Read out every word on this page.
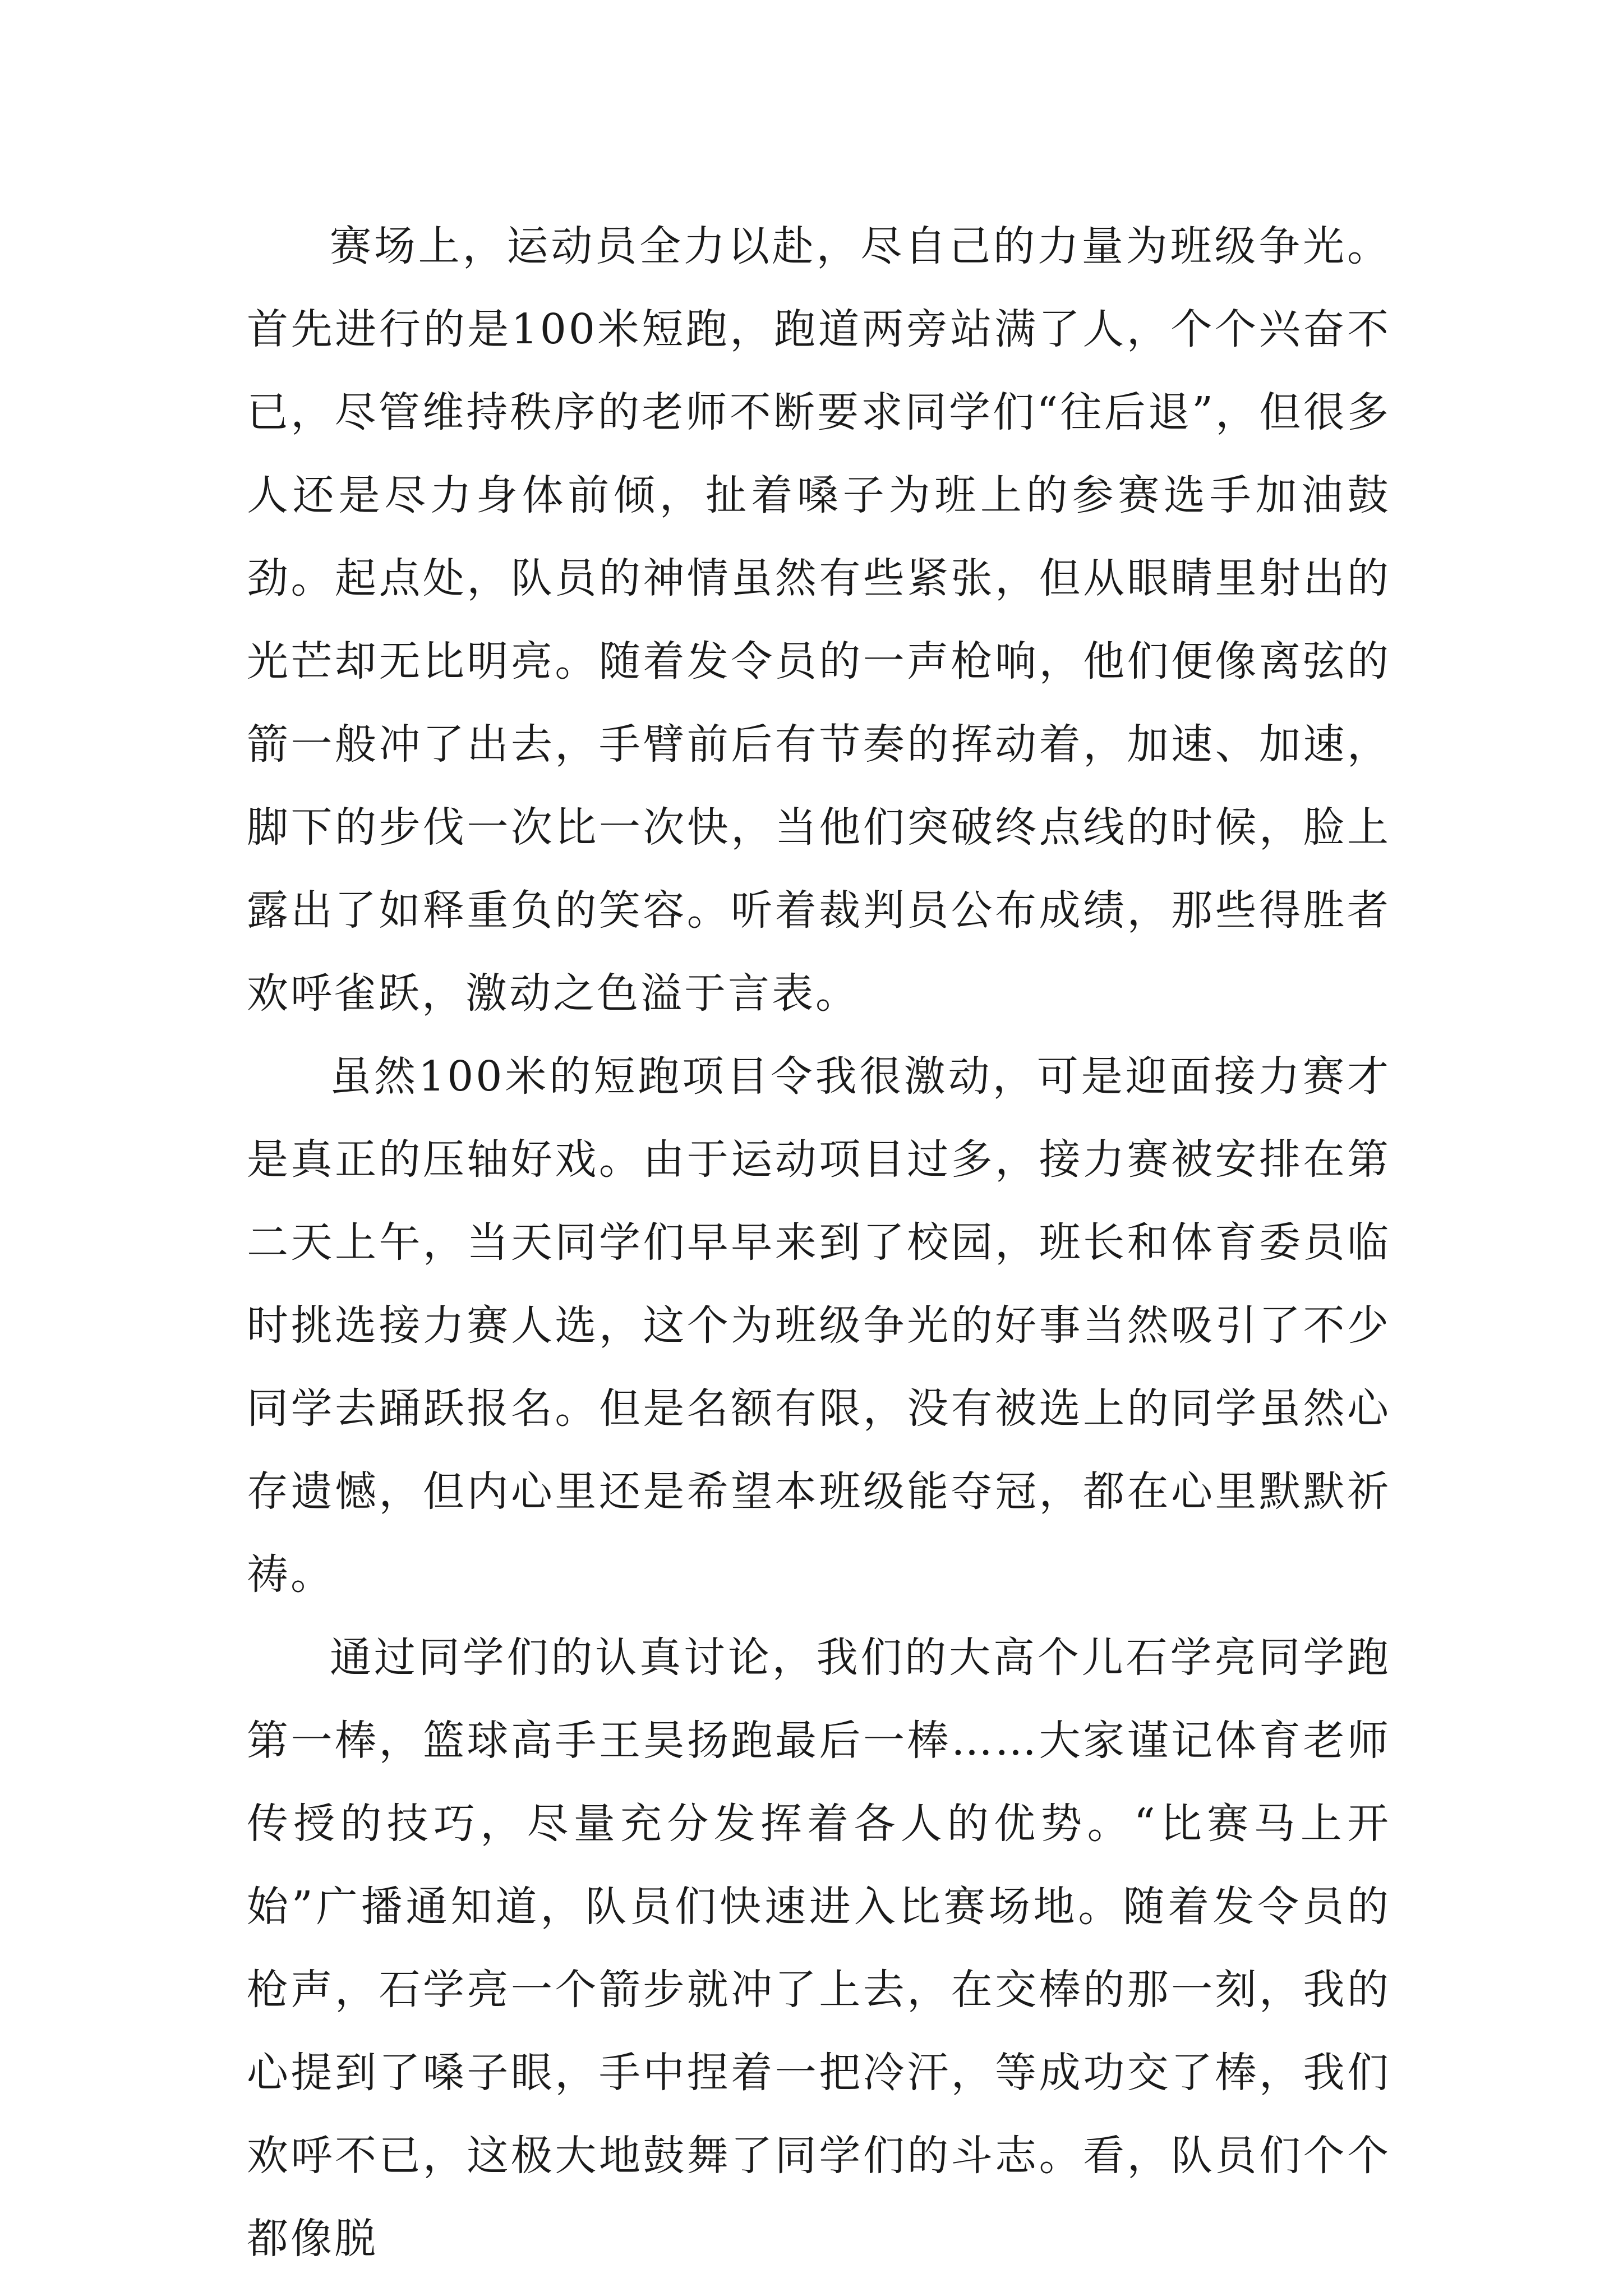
赛场上，运动员全力以赴，尽自己的力量为班级争光。首先进行的是100米短跑，跑道两旁站满了人，个个兴奋不已，尽管维持秩序的老师不断要求同学们“往后退”，但很多人还是尽力身体前倾，扯着嗓子为班上的参赛选手加油鼓劲。起点处，队员的神情虽然有些紧张，但从眼睛里射出的光芒却无比明亮。随着发令员的一声枪响，他们便像离弦的箭一般冲了出去，手臂前后有节奏的挥动着，加速、加速，脚下的步伐一次比一次快，当他们突破终点线的时候，脸上露出了如释重负的笑容。听着裁判员公布成绩，那些得胜者欢呼雀跃，激动之色溢于言表。

虽然100米的短跑项目令我很激动，可是迎面接力赛才是真正的压轴好戏。由于运动项目过多，接力赛被安排在第二天上午，当天同学们早早来到了校园，班长和体育委员临时挑选接力赛人选，这个为班级争光的好事当然吸引了不少同学去踊跃报名。但是名额有限，没有被选上的同学虽然心存遗憾，但内心里还是希望本班级能夺冠，都在心里默默祈祷。

通过同学们的认真讨论，我们的大高个儿石学亮同学跑第一棒，篮球高手王昊扬跑最后一棒……大家谨记体育老师传授的技巧，尽量充分发挥着各人的优势。“比赛马上开始”广播通知道，队员们快速进入比赛场地。随着发令员的枪声，石学亮一个箭步就冲了上去，在交棒的那一刻，我的心提到了嗓子眼，手中捏着一把冷汗，等成功交了棒，我们欢呼不已，这极大地鼓舞了同学们的斗志。看，队员们个个都像脱
